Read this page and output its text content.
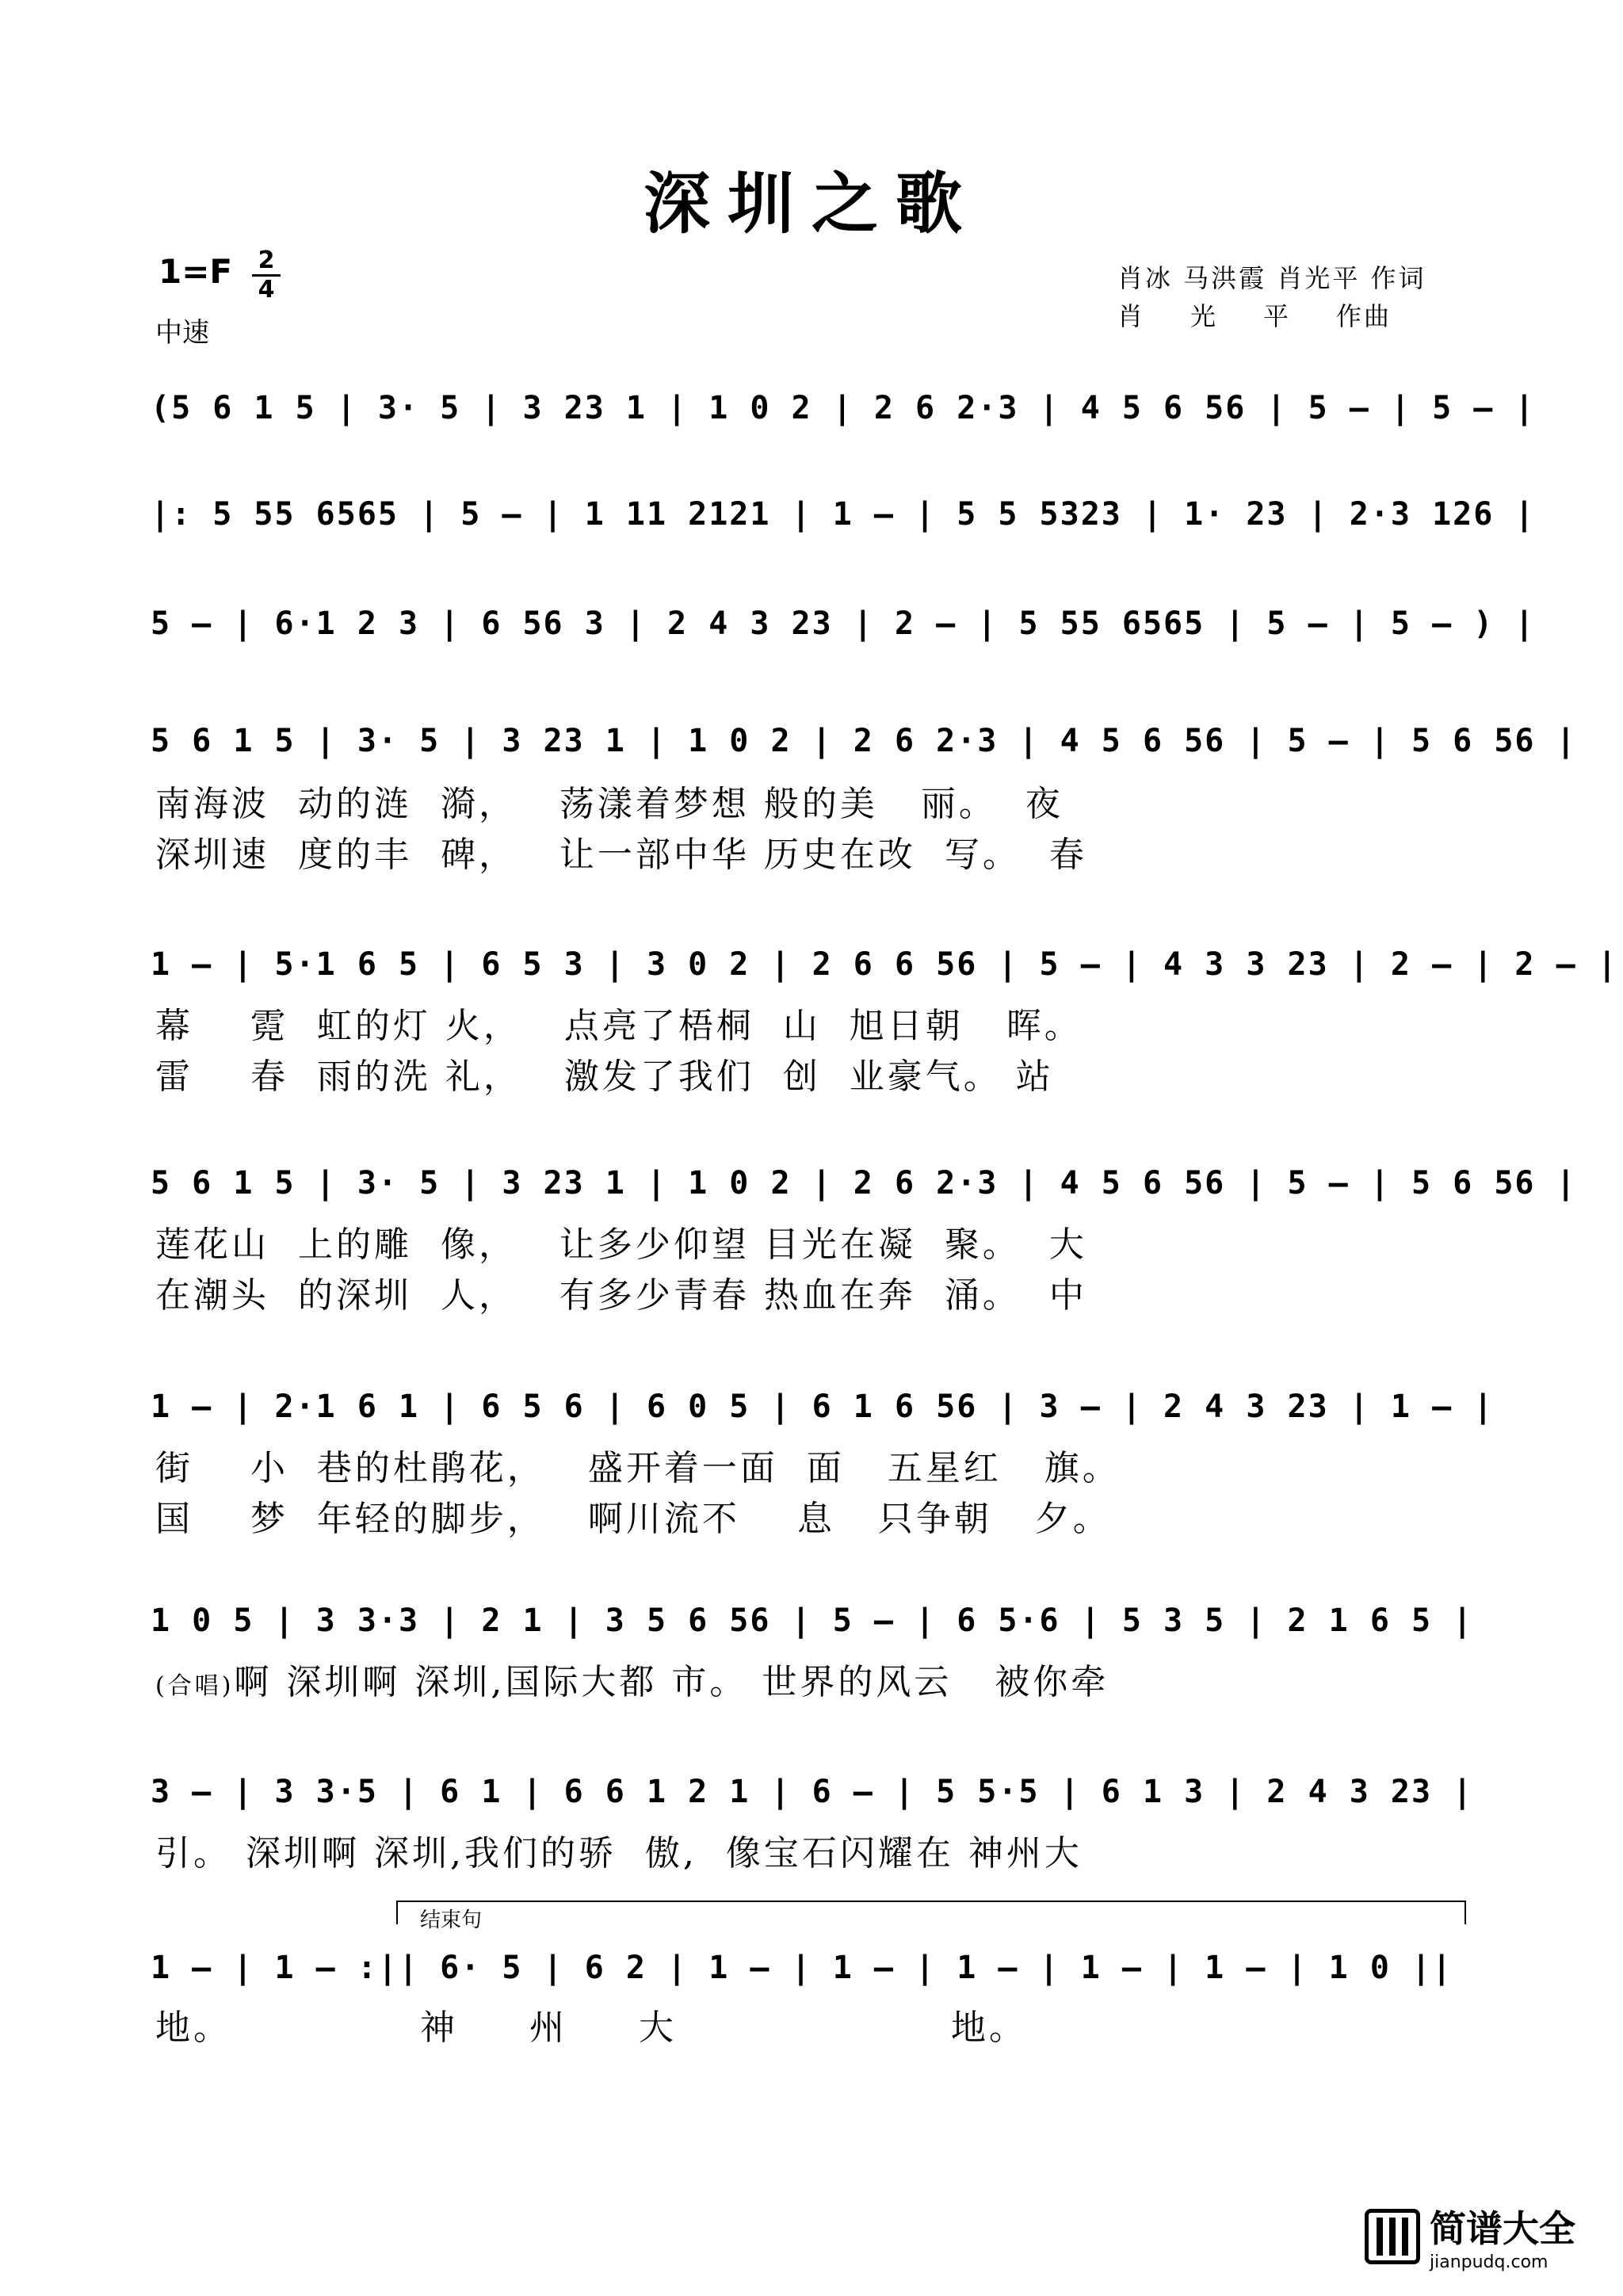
深圳之歌
1=F 2
4
中速
肖冰 马洪霞 肖光平 作词
肖光平作曲
(5 6 1 5 | 3· 5 | 3 23 1 | 1 0 2 | 2 6 2·3 | 4 5 6 56 | 5 – | 5 – |
|: 5 55 6565 | 5 – | 1 11 2121 | 1 – | 5 5 5323 | 1· 23 | 2·3 126 |
5 – | 6·1 2 3 | 6 56 3 | 2 4 3 23 | 2 – | 5 55 6565 | 5 – | 5 – ) |
5 6 1 5 | 3· 5 | 3 23 1 | 1 0 2 | 2 6 2·3 | 4 5 6 56 | 5 – | 5 6 56 |
南海波  动的涟  漪，   荡漾着梦想 般的美   丽。  夜
深圳速  度的丰  碑，   让一部中华 历史在改  写。  春
1 – | 5·1 6 5 | 6 5 3 | 3 0 2 | 2 6 6 56 | 5 – | 4 3 3 23 | 2 – | 2 – |
幕    霓  虹的灯 火，   点亮了梧桐  山  旭日朝   晖。
雷    春  雨的洗 礼，   激发了我们  创  业豪气。 站
5 6 1 5 | 3· 5 | 3 23 1 | 1 0 2 | 2 6 2·3 | 4 5 6 56 | 5 – | 5 6 56 |
莲花山  上的雕  像，   让多少仰望 目光在凝  聚。  大
在潮头  的深圳  人，   有多少青春 热血在奔  涌。  中
1 – | 2·1 6 1 | 6 5 6 | 6 0 5 | 6 1 6 56 | 3 – | 2 4 3 23 | 1 – |
街    小  巷的杜鹃花，   盛开着一面  面   五星红   旗。
国    梦  年轻的脚步，   啊川流不    息   只争朝   夕。
1 0 5 | 3 3·3 | 2 1 | 3 5 6 56 | 5 – | 6 5·6 | 5 3 5 | 2 1 6 5 |
(合唱)啊 深圳啊 深圳,国际大都 市。 世界的风云   被你牵
3 – | 3 3·5 | 6 1 | 6 6 1 2 1 | 6 – | 5 5·5 | 6 1 3 | 2 4 3 23 |
引。 深圳啊 深圳,我们的骄  傲,  像宝石闪耀在 神州大
结束句
1 – | 1 – :|| 6· 5 | 6 2 | 1 – | 1 – | 1 – | 1 – | 1 – | 1 0 ||
地。	神 州 大	地。
简谱大全
jianpudq.com
